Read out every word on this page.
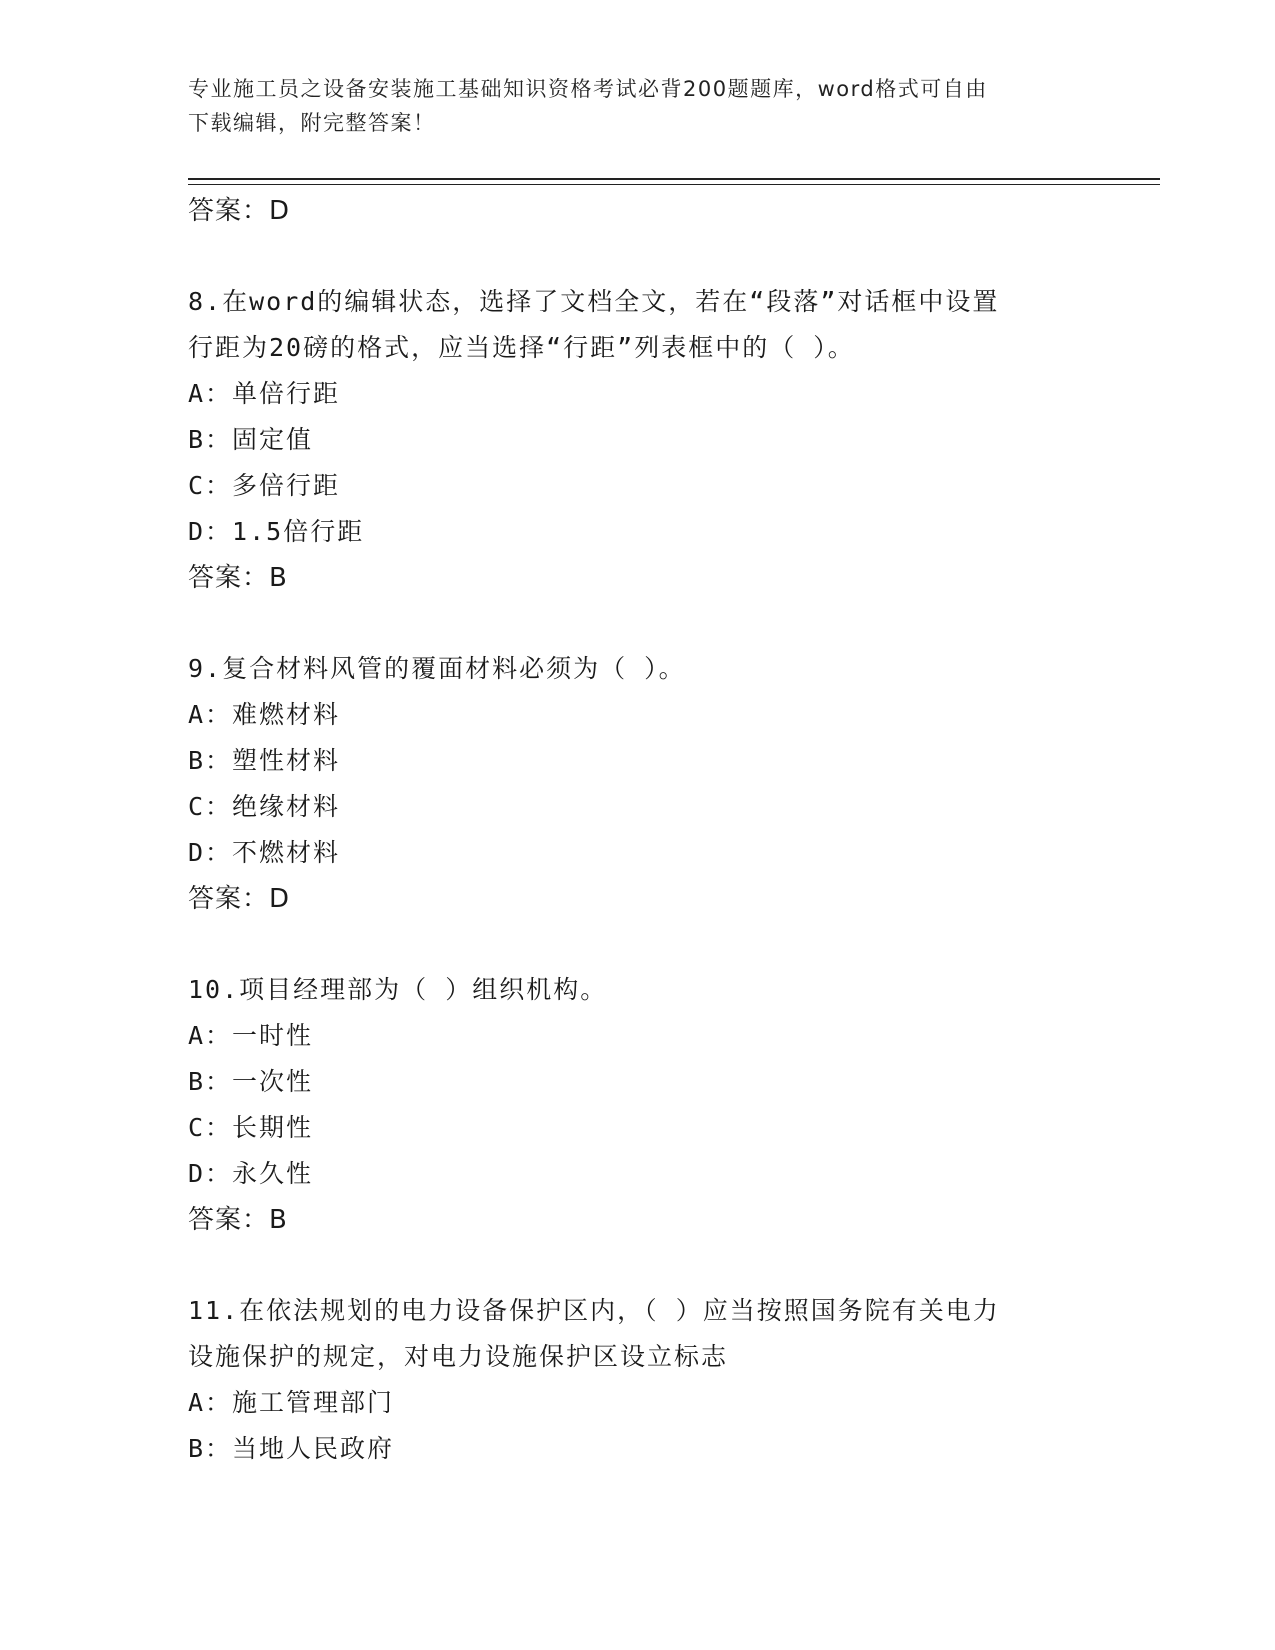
专业施工员之设备安装施工基础知识资格考试必背200题题库，word格式可自由
下载编辑，附完整答案！
答案：D
8.在word的编辑状态，选择了文档全文，若在“段落”对话框中设置
行距为20磅的格式，应当选择“行距”列表框中的（ ）。
A：单倍行距
B：固定值
C：多倍行距
D：1.5倍行距
答案：B
9.复合材料风管的覆面材料必须为（ ）。
A：难燃材料
B：塑性材料
C：绝缘材料
D：不燃材料
答案：D
10.项目经理部为（ ）组织机构。
A：一时性
B：一次性
C：长期性
D：永久性
答案：B
11.在依法规划的电力设备保护区内，（ ）应当按照国务院有关电力
设施保护的规定，对电力设施保护区设立标志
A：施工管理部门
B：当地人民政府
